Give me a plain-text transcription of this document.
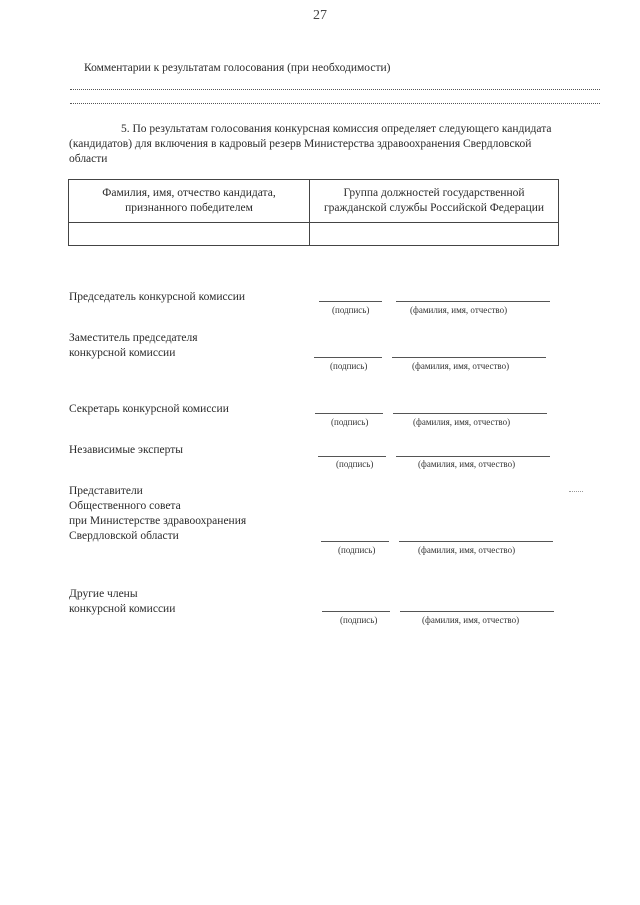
27
Комментарии к результатам голосования (при необходимости)
5. По результатам голосования конкурсная комиссия определяет следующего кандидата
(кандидатов) для включения в кадровый резерв Министерства здравоохранения Свердловской
области
Фамилия, имя, отчество кандидата, признанного победителем	Группа должностей государственной гражданской службы Российской Федерации

Председатель конкурсной комиссии
(подпись)	(фамилия, имя, отчество)
Заместитель председателя
конкурсной комиссии
(подпись)	(фамилия, имя, отчество)
Секретарь конкурсной комиссии
(подпись)	(фамилия, имя, отчество)
Независимые эксперты
(подпись)	(фамилия, имя, отчество)
Представители
Общественного совета
при Министерстве здравоохранения
Свердловской области
(подпись)	(фамилия, имя, отчество)
Другие члены
конкурсной комиссии
(подпись)	(фамилия, имя, отчество)
